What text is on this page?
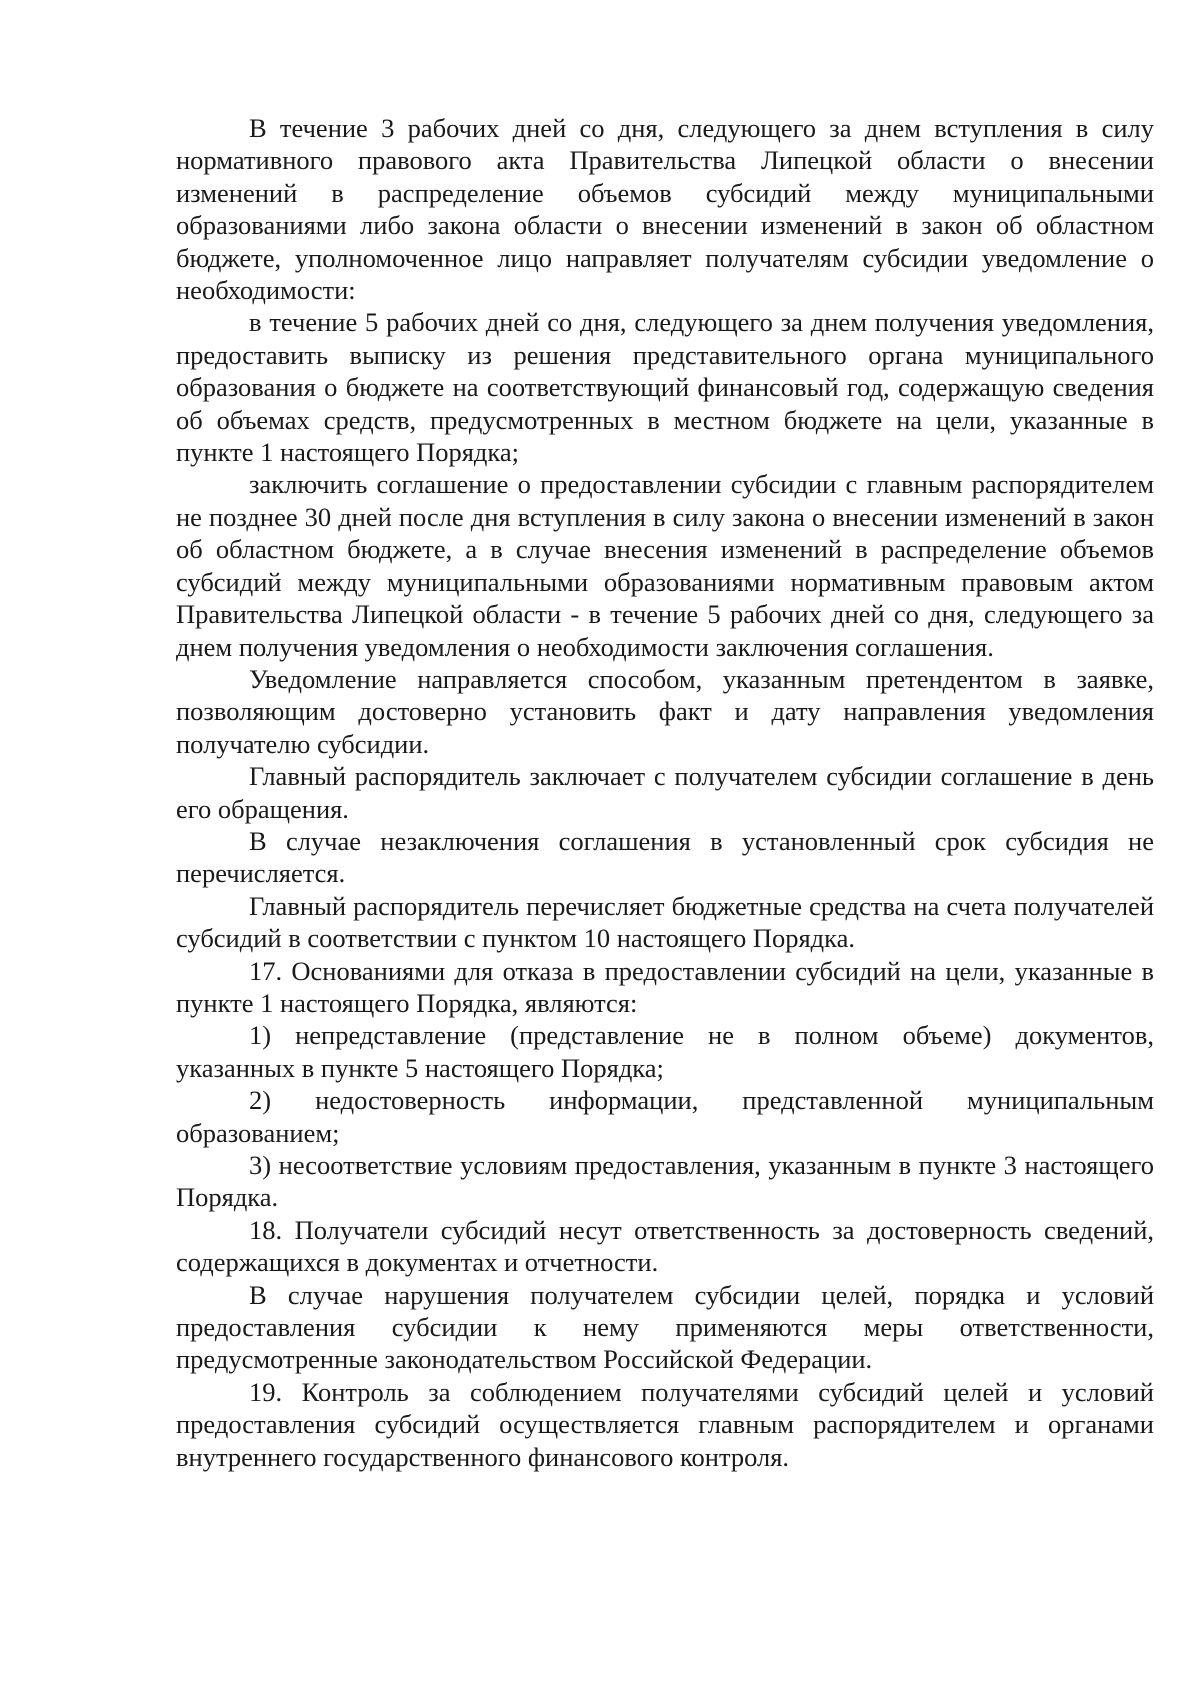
В течение 3 рабочих дней со дня, следующего за днем вступления в силу нормативного правового акта Правительства Липецкой области о внесении изменений в распределение объемов субсидий между муниципальными образованиями либо закона области о внесении изменений в закон об областном бюджете, уполномоченное лицо направляет получателям субсидии уведомление о необходимости:

в течение 5 рабочих дней со дня, следующего за днем получения уведомления, предоставить выписку из решения представительного органа муниципального образования о бюджете на соответствующий финансовый год, содержащую сведения об объемах средств, предусмотренных в местном бюджете на цели, указанные в пункте 1 настоящего Порядка;

заключить соглашение о предоставлении субсидии с главным распорядителем не позднее 30 дней после дня вступления в силу закона о внесении изменений в закон об областном бюджете, а в случае внесения изменений в распределение объемов субсидий между муниципальными образованиями нормативным правовым актом Правительства Липецкой области - в течение 5 рабочих дней со дня, следующего за днем получения уведомления о необходимости заключения соглашения.

Уведомление направляется способом, указанным претендентом в заявке, позволяющим достоверно установить факт и дату направления уведомления получателю субсидии.

Главный распорядитель заключает с получателем субсидии соглашение в день его обращения.

В случае незаключения соглашения в установленный срок субсидия не перечисляется.

Главный распорядитель перечисляет бюджетные средства на счета получателей субсидий в соответствии с пунктом 10 настоящего Порядка.

17. Основаниями для отказа в предоставлении субсидий на цели, указанные в пункте 1 настоящего Порядка, являются:

1) непредставление (представление не в полном объеме) документов, указанных в пункте 5 настоящего Порядка;

2) недостоверность информации, представленной муниципальным образованием;

3) несоответствие условиям предоставления, указанным в пункте 3 настоящего Порядка.

18. Получатели субсидий несут ответственность за достоверность сведений, содержащихся в документах и отчетности.

В случае нарушения получателем субсидии целей, порядка и условий предоставления субсидии к нему применяются меры ответственности, предусмотренные законодательством Российской Федерации.

19. Контроль за соблюдением получателями субсидий целей и условий предоставления субсидий осуществляется главным распорядителем и органами внутреннего государственного финансового контроля.
